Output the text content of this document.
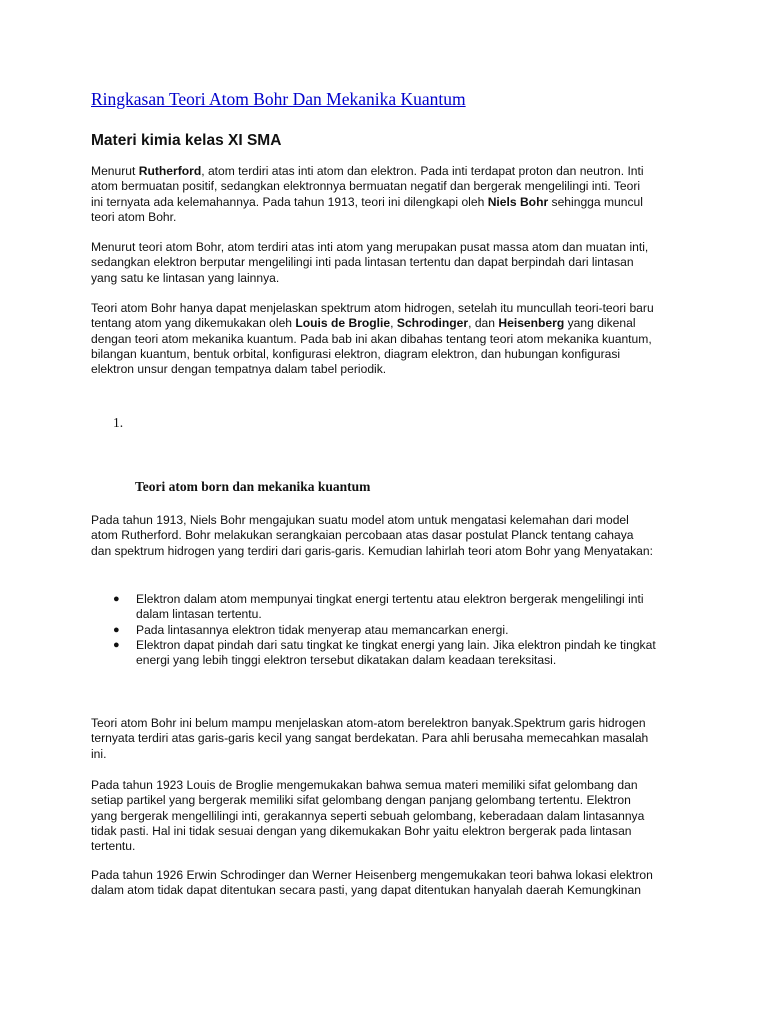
Ringkasan Teori Atom Bohr Dan Mekanika Kuantum
Materi kimia kelas XI SMA

Menurut Rutherford, atom terdiri atas inti atom dan elektron. Pada inti terdapat proton dan neutron. Inti
atom bermuatan positif, sedangkan elektronnya bermuatan negatif dan bergerak mengelilingi inti. Teori
ini ternyata ada kelemahannya. Pada tahun 1913, teori ini dilengkapi oleh Niels Bohr sehingga muncul
teori atom Bohr.

Menurut teori atom Bohr, atom terdiri atas inti atom yang merupakan pusat massa atom dan muatan inti,
sedangkan elektron berputar mengelilingi inti pada lintasan tertentu dan dapat berpindah dari lintasan
yang satu ke lintasan yang lainnya.

Teori atom Bohr hanya dapat menjelaskan spektrum atom hidrogen, setelah itu muncullah teori-teori baru
tentang atom yang dikemukakan oleh Louis de Broglie, Schrodinger, dan Heisenberg yang dikenal
dengan teori atom mekanika kuantum. Pada bab ini akan dibahas tentang teori atom mekanika kuantum,
bilangan kuantum, bentuk orbital, konfigurasi elektron, diagram elektron, dan hubungan konfigurasi
elektron unsur dengan tempatnya dalam tabel periodik.

1.
Teori atom born dan mekanika kuantum

Pada tahun 1913, Niels Bohr mengajukan suatu model atom untuk mengatasi kelemahan dari model
atom Rutherford. Bohr melakukan serangkaian percobaan atas dasar postulat Planck tentang cahaya
dan spektrum hidrogen yang terdiri dari garis-garis. Kemudian lahirlah teori atom Bohr yang Menyatakan:

● Elektron dalam atom mempunyai tingkat energi tertentu atau elektron bergerak mengelilingi inti
dalam lintasan tertentu.
● Pada lintasannya elektron tidak menyerap atau memancarkan energi.
● Elektron dapat pindah dari satu tingkat ke tingkat energi yang lain. Jika elektron pindah ke tingkat
energi yang lebih tinggi elektron tersebut dikatakan dalam keadaan tereksitasi.

Teori atom Bohr ini belum mampu menjelaskan atom-atom berelektron banyak.Spektrum garis hidrogen
ternyata terdiri atas garis-garis kecil yang sangat berdekatan. Para ahli berusaha memecahkan masalah
ini.

Pada tahun 1923 Louis de Broglie mengemukakan bahwa semua materi memiliki sifat gelombang dan
setiap partikel yang bergerak memiliki sifat gelombang dengan panjang gelombang tertentu. Elektron
yang bergerak mengellilingi inti, gerakannya seperti sebuah gelombang, keberadaan dalam lintasannya
tidak pasti. Hal ini tidak sesuai dengan yang dikemukakan Bohr yaitu elektron bergerak pada lintasan
tertentu.

Pada tahun 1926 Erwin Schrodinger dan Werner Heisenberg mengemukakan teori bahwa lokasi elektron
dalam atom tidak dapat ditentukan secara pasti, yang dapat ditentukan hanyalah daerah Kemungkinan
